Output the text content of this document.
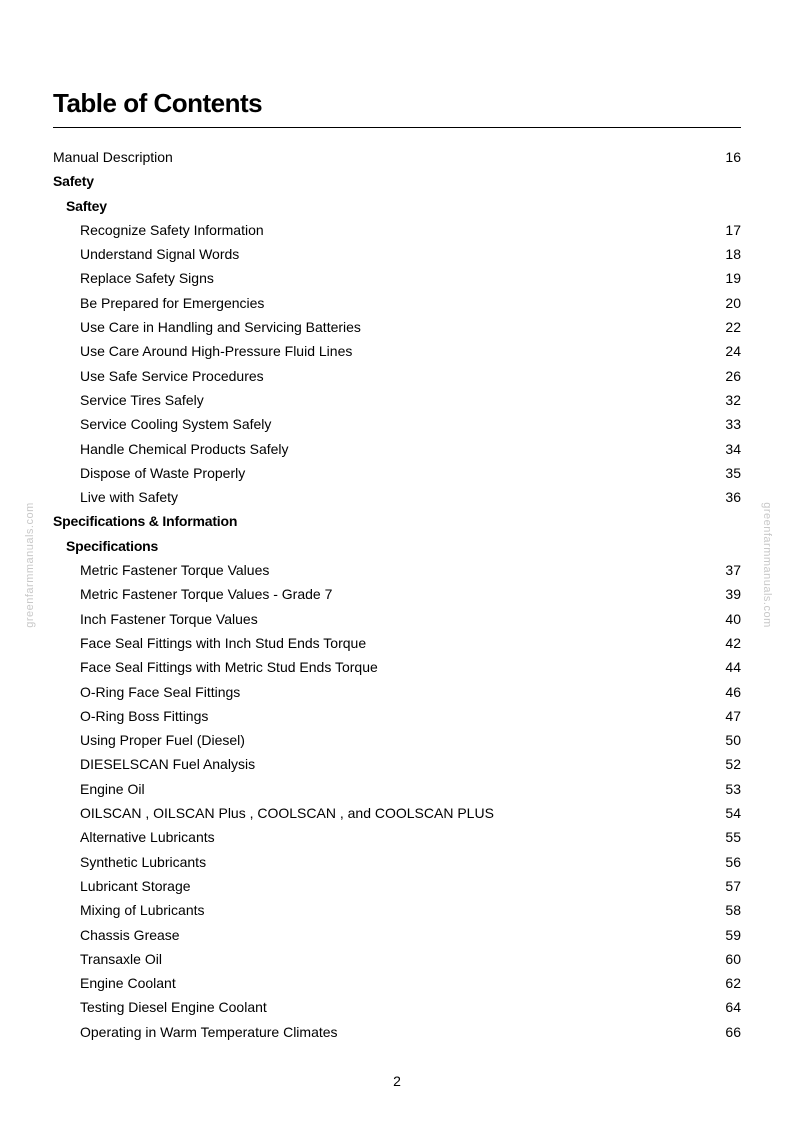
Table of Contents
Manual Description	16
Safety
Saftey
Recognize Safety Information	17
Understand Signal Words	18
Replace Safety Signs	19
Be Prepared for Emergencies	20
Use Care in Handling and Servicing Batteries	22
Use Care Around High-Pressure Fluid Lines	24
Use Safe Service Procedures	26
Service Tires Safely	32
Service Cooling System Safely	33
Handle Chemical Products Safely	34
Dispose of Waste Properly	35
Live with Safety	36
Specifications & Information
Specifications
Metric Fastener Torque Values	37
Metric Fastener Torque Values - Grade 7	39
Inch Fastener Torque Values	40
Face Seal Fittings with Inch Stud Ends Torque	42
Face Seal Fittings with Metric Stud Ends Torque	44
O-Ring Face Seal Fittings	46
O-Ring Boss Fittings	47
Using Proper Fuel (Diesel)	50
DIESELSCAN Fuel Analysis	52
Engine Oil	53
OILSCAN , OILSCAN Plus , COOLSCAN , and COOLSCAN PLUS	54
Alternative Lubricants	55
Synthetic Lubricants	56
Lubricant Storage	57
Mixing of Lubricants	58
Chassis Grease	59
Transaxle Oil	60
Engine Coolant	62
Testing Diesel Engine Coolant	64
Operating in Warm Temperature Climates	66
greenfarmmanuals.com	greenfarmmanuals.com
2
